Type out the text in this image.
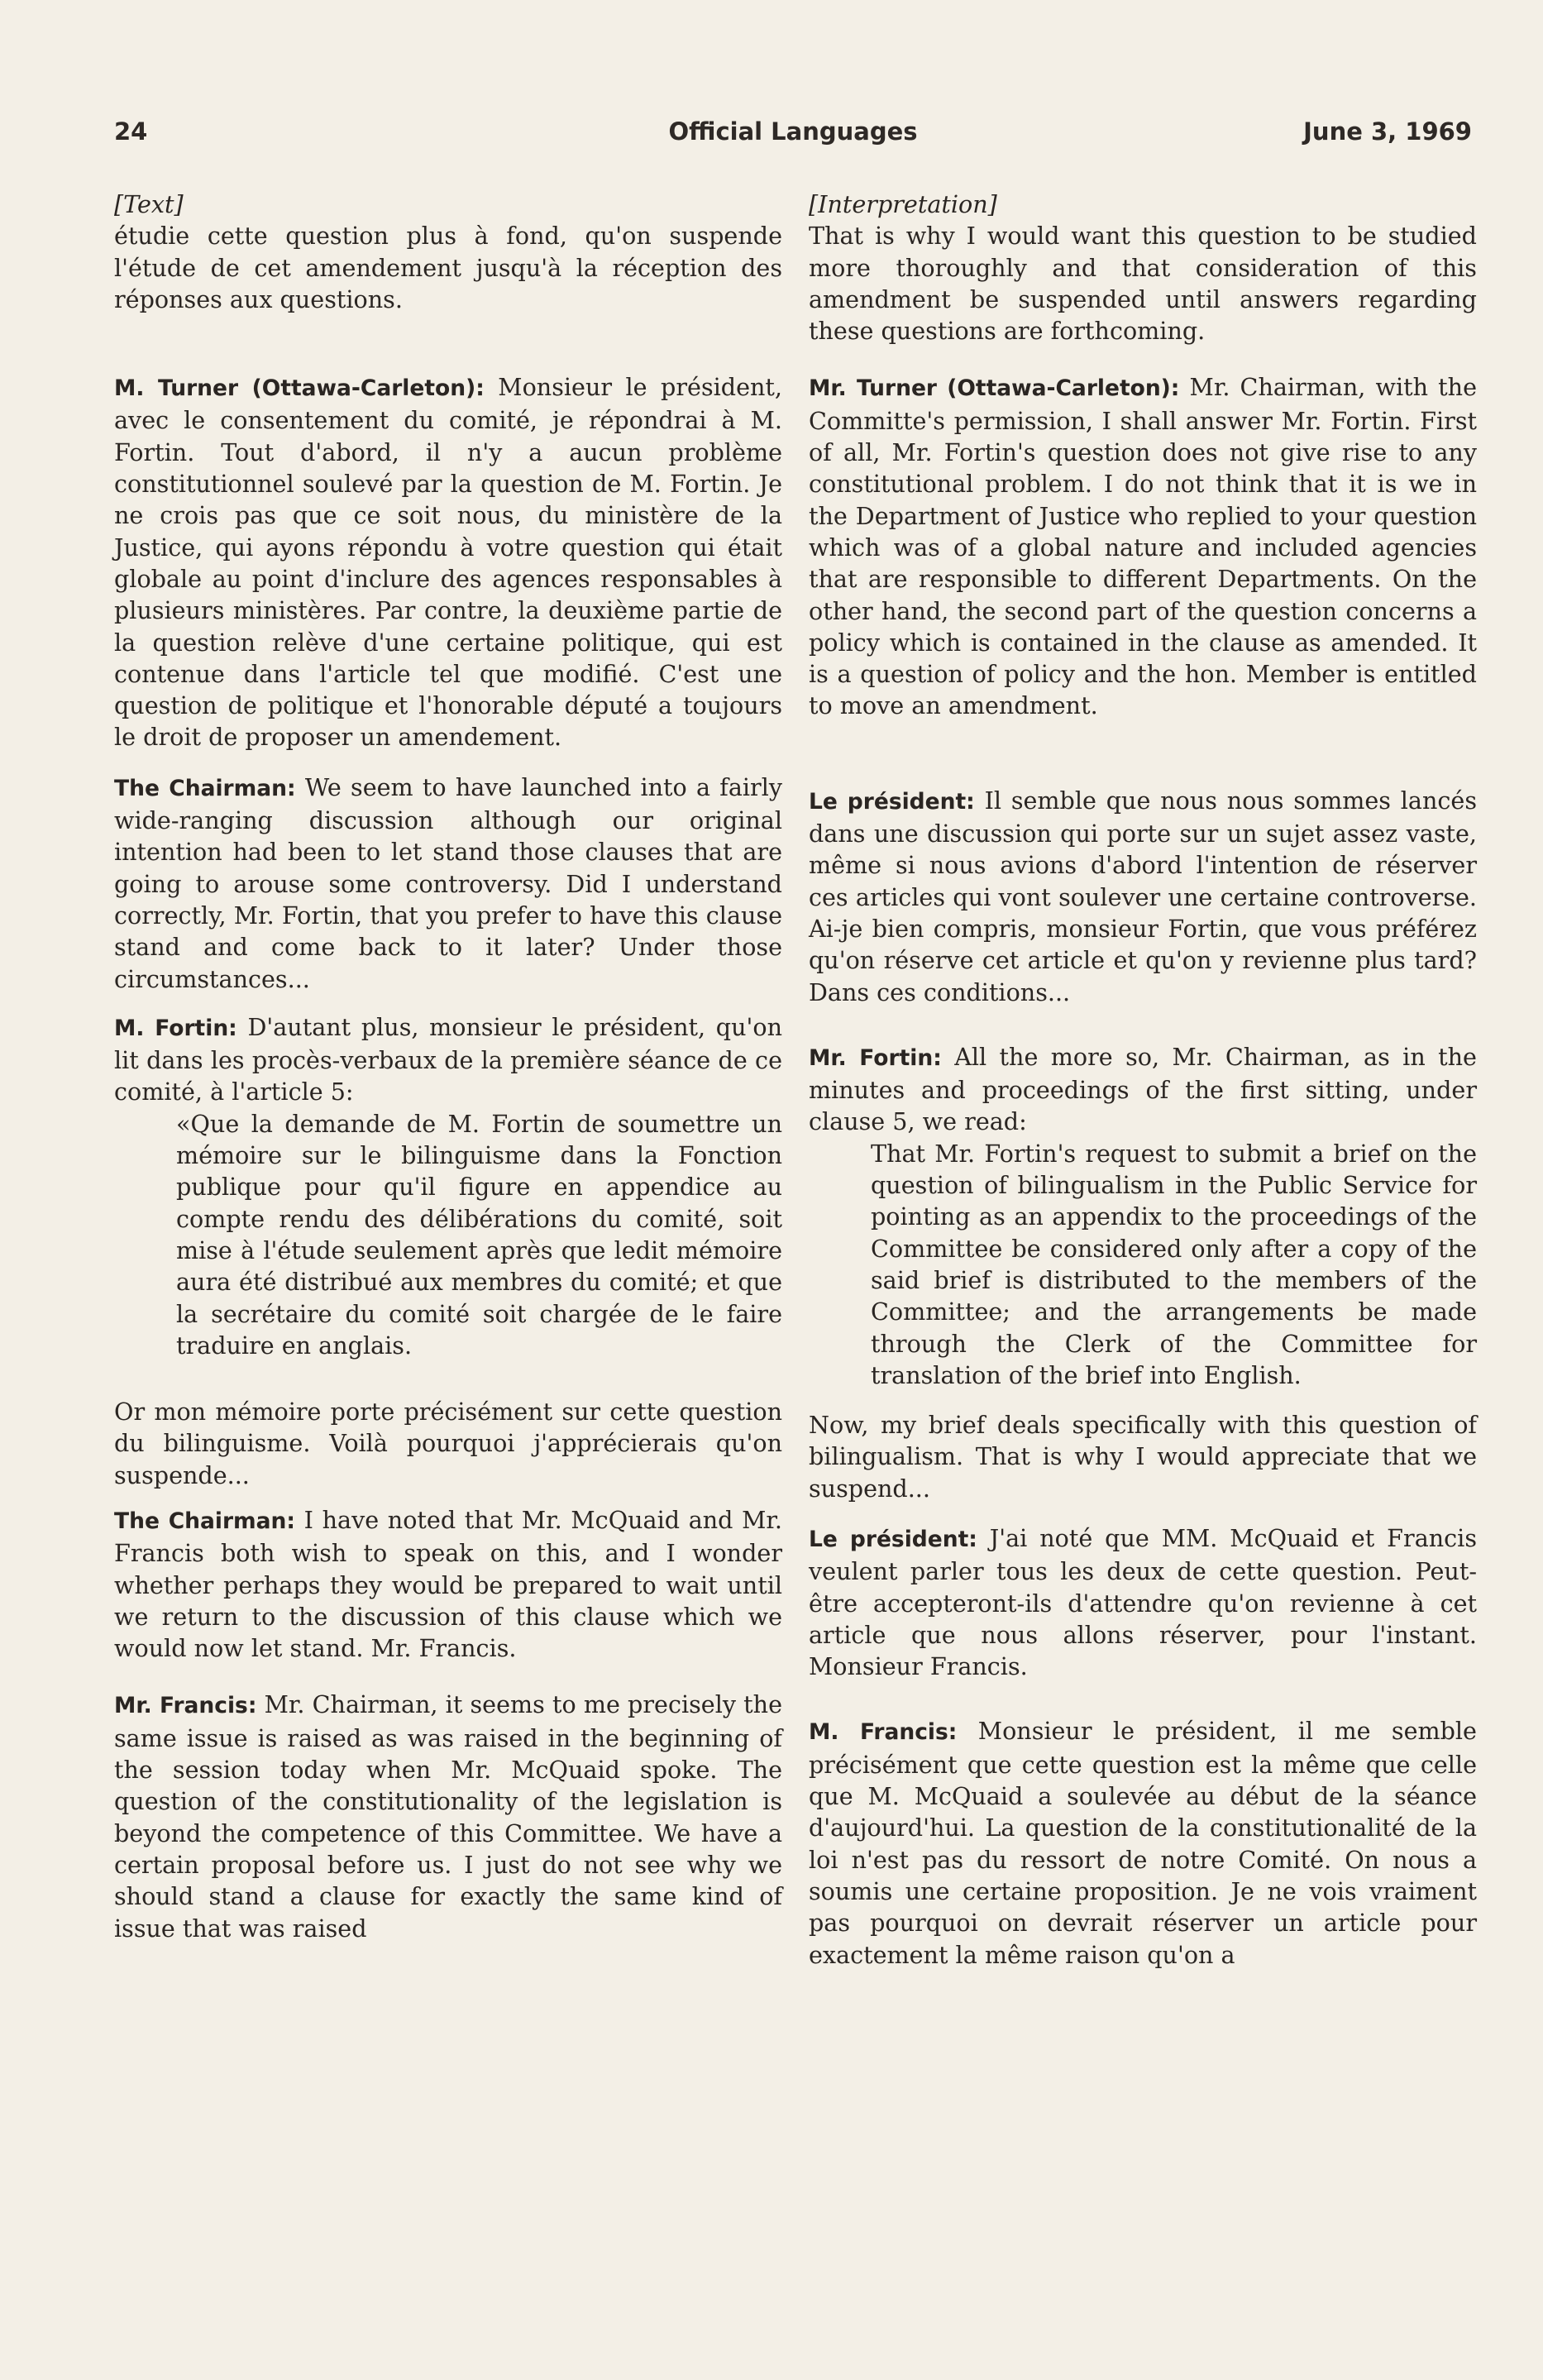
24	Official Languages	June 3, 1969

[Text]

étudie cette question plus à fond, qu'on suspende l'étude de cet amendement jusqu'à la réception des réponses aux questions.

M. Turner (Ottawa-Carleton): Monsieur le président, avec le consentement du comité, je répondrai à M. Fortin. Tout d'abord, il n'y a aucun problème constitutionnel soulevé par la question de M. Fortin. Je ne crois pas que ce soit nous, du ministère de la Justice, qui ayons répondu à votre question qui était globale au point d'inclure des agences responsables à plusieurs ministères. Par contre, la deuxième partie de la question relève d'une certaine politique, qui est contenue dans l'article tel que modifié. C'est une question de politique et l'honorable député a toujours le droit de proposer un amendement.

The Chairman: We seem to have launched into a fairly wide-ranging discussion although our original intention had been to let stand those clauses that are going to arouse some controversy. Did I understand correctly, Mr. Fortin, that you prefer to have this clause stand and come back to it later? Under those circumstances...

M. Fortin: D'autant plus, monsieur le président, qu'on lit dans les procès-verbaux de la première séance de ce comité, à l'article 5:

«Que la demande de M. Fortin de soumettre un mémoire sur le bilinguisme dans la Fonction publique pour qu'il figure en appendice au compte rendu des délibérations du comité, soit mise à l'étude seulement après que ledit mémoire aura été distribué aux membres du comité; et que la secrétaire du comité soit chargée de le faire traduire en anglais.

Or mon mémoire porte précisément sur cette question du bilinguisme. Voilà pourquoi j'apprécierais qu'on suspende...

The Chairman: I have noted that Mr. McQuaid and Mr. Francis both wish to speak on this, and I wonder whether perhaps they would be prepared to wait until we return to the discussion of this clause which we would now let stand. Mr. Francis.

Mr. Francis: Mr. Chairman, it seems to me precisely the same issue is raised as was raised in the beginning of the session today when Mr. McQuaid spoke. The question of the constitutionality of the legislation is beyond the competence of this Committee. We have a certain proposal before us. I just do not see why we should stand a clause for exactly the same kind of issue that was raised

[Interpretation]

That is why I would want this question to be studied more thoroughly and that consideration of this amendment be suspended until answers regarding these questions are forthcoming.

Mr. Turner (Ottawa-Carleton): Mr. Chairman, with the Committe's permission, I shall answer Mr. Fortin. First of all, Mr. Fortin's question does not give rise to any constitutional problem. I do not think that it is we in the Department of Justice who replied to your question which was of a global nature and included agencies that are responsible to different Departments. On the other hand, the second part of the question concerns a policy which is contained in the clause as amended. It is a question of policy and the hon. Member is entitled to move an amendment.

Le président: Il semble que nous nous sommes lancés dans une discussion qui porte sur un sujet assez vaste, même si nous avions d'abord l'intention de réserver ces articles qui vont soulever une certaine controverse. Ai-je bien compris, monsieur Fortin, que vous préférez qu'on réserve cet article et qu'on y revienne plus tard? Dans ces conditions...

Mr. Fortin: All the more so, Mr. Chairman, as in the minutes and proceedings of the first sitting, under clause 5, we read:

That Mr. Fortin's request to submit a brief on the question of bilingualism in the Public Service for pointing as an appendix to the proceedings of the Committee be considered only after a copy of the said brief is distributed to the members of the Committee; and the arrangements be made through the Clerk of the Committee for translation of the brief into English.

Now, my brief deals specifically with this question of bilingualism. That is why I would appreciate that we suspend...

Le président: J'ai noté que MM. McQuaid et Francis veulent parler tous les deux de cette question. Peut-être accepteront-ils d'attendre qu'on revienne à cet article que nous allons réserver, pour l'instant. Monsieur Francis.

M. Francis: Monsieur le président, il me semble précisément que cette question est la même que celle que M. McQuaid a soulevée au début de la séance d'aujourd'hui. La question de la constitutionalité de la loi n'est pas du ressort de notre Comité. On nous a soumis une certaine proposition. Je ne vois vraiment pas pourquoi on devrait réserver un article pour exactement la même raison qu'on a
